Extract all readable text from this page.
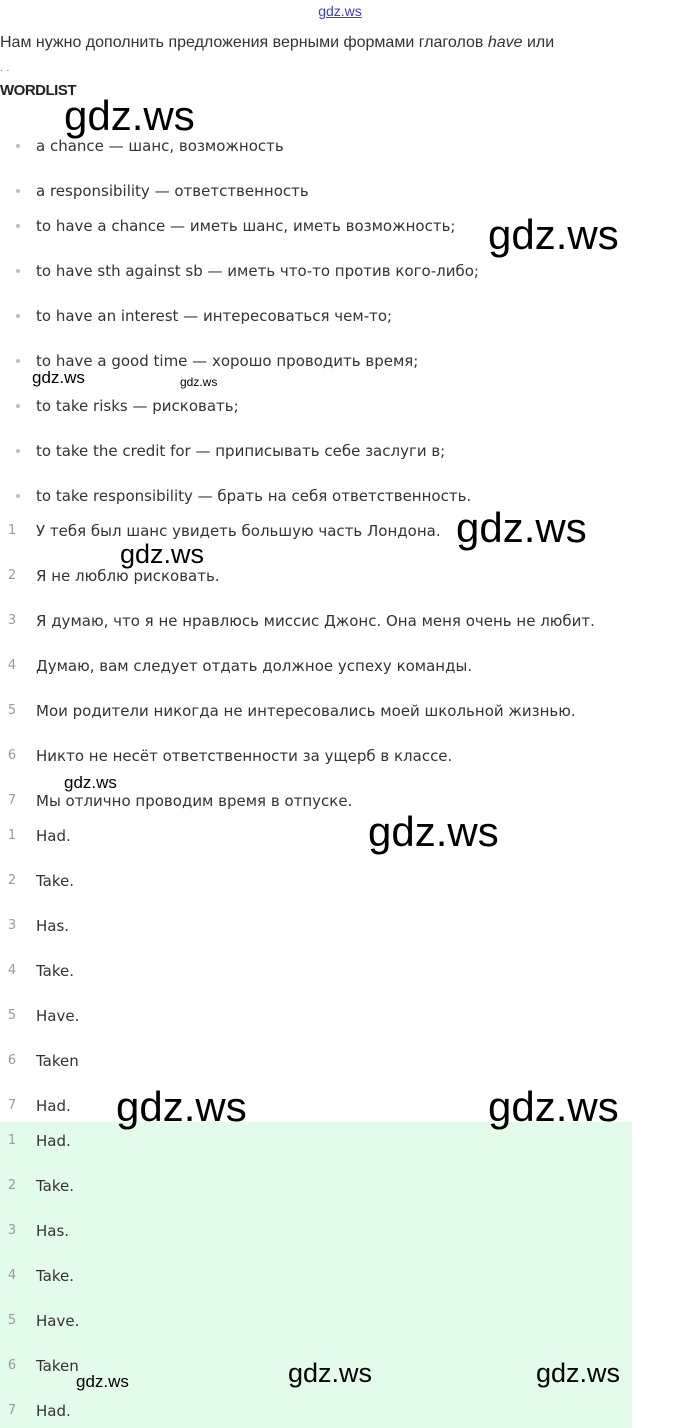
gdz.ws
Нам нужно дополнить предложения верными формами глаголов have или
. .
WORDLIST
a chance — шанс, возможность
a responsibility — ответственность
to have a chance — иметь шанс, иметь возможность;
to have sth against sb — иметь что-то против кого-либо;
to have an interest — интересоваться чем-то;
to have a good time — хорошо проводить время;
to take risks — рисковать;
to take the credit for — приписывать себе заслуги в;
to take responsibility — брать на себя ответственность.
1	У тебя был шанс увидеть большую часть Лондона.
2	Я не люблю рисковать.
3	Я думаю, что я не нравлюсь миссис Джонс. Она меня очень не любит.
4	Думаю, вам следует отдать должное успеху команды.
5	Мои родители никогда не интересовались моей школьной жизнью.
6	Никто не несёт ответственности за ущерб в классе.
7	Мы отлично проводим время в отпуске.
1	Had.
2	Take.
3	Has.
4	Take.
5	Have.
6	Taken
7	Had.
1	Had.
2	Take.
3	Has.
4	Take.
5	Have.
6	Taken
7	Had.
gdz.ws
gdz.ws
gdz.ws	gdz.ws
gdz.ws
gdz.ws
gdz.ws
gdz.ws
gdz.ws	gdz.ws
gdz.ws	gdz.ws	gdz.ws
